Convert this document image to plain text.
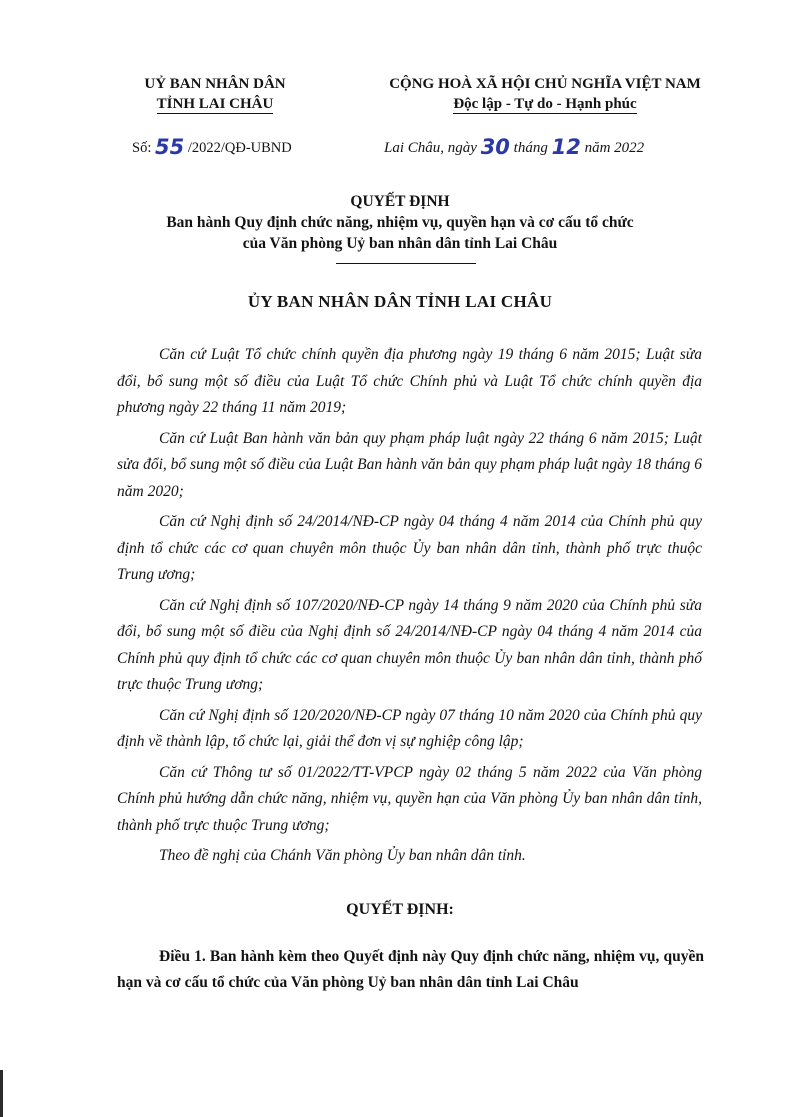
UỶ BAN NHÂN DÂN
TỈNH LAI CHÂU
CỘNG HOÀ XÃ HỘI CHỦ NGHĨA VIỆT NAM
Độc lập - Tự do - Hạnh phúc
Số: 55 /2022/QĐ-UBND	Lai Châu, ngày 30 tháng 12 năm 2022
QUYẾT ĐỊNH
Ban hành Quy định chức năng, nhiệm vụ, quyền hạn và cơ cấu tổ chức
của Văn phòng Uỷ ban nhân dân tỉnh Lai Châu
ỦY BAN NHÂN DÂN TỈNH LAI CHÂU

Căn cứ Luật Tổ chức chính quyền địa phương ngày 19 tháng 6 năm 2015; Luật sửa đổi, bổ sung một số điều của Luật Tổ chức Chính phủ và Luật Tổ chức chính quyền địa phương ngày 22 tháng 11 năm 2019;

Căn cứ Luật Ban hành văn bản quy phạm pháp luật ngày 22 tháng 6 năm 2015; Luật sửa đổi, bổ sung một số điều của Luật Ban hành văn bản quy phạm pháp luật ngày 18 tháng 6 năm 2020;

Căn cứ Nghị định số 24/2014/NĐ-CP ngày 04 tháng 4 năm 2014 của Chính phủ quy định tổ chức các cơ quan chuyên môn thuộc Ủy ban nhân dân tỉnh, thành phố trực thuộc Trung ương;

Căn cứ Nghị định số 107/2020/NĐ-CP ngày 14 tháng 9 năm 2020 của Chính phủ sửa đổi, bổ sung một số điều của Nghị định số 24/2014/NĐ-CP ngày 04 tháng 4 năm 2014 của Chính phủ quy định tổ chức các cơ quan chuyên môn thuộc Ủy ban nhân dân tỉnh, thành phố trực thuộc Trung ương;

Căn cứ Nghị định số 120/2020/NĐ-CP ngày 07 tháng 10 năm 2020 của Chính phủ quy định về thành lập, tổ chức lại, giải thể đơn vị sự nghiệp công lập;

Căn cứ Thông tư số 01/2022/TT-VPCP ngày 02 tháng 5 năm 2022 của Văn phòng Chính phủ hướng dẫn chức năng, nhiệm vụ, quyền hạn của Văn phòng Ủy ban nhân dân tỉnh, thành phố trực thuộc Trung ương;

Theo đề nghị của Chánh Văn phòng Ủy ban nhân dân tỉnh.

QUYẾT ĐỊNH:
Điều 1. Ban hành kèm theo Quyết định này Quy định chức năng, nhiệm vụ, quyền hạn và cơ cấu tổ chức của Văn phòng Uỷ ban nhân dân tỉnh Lai Châu
